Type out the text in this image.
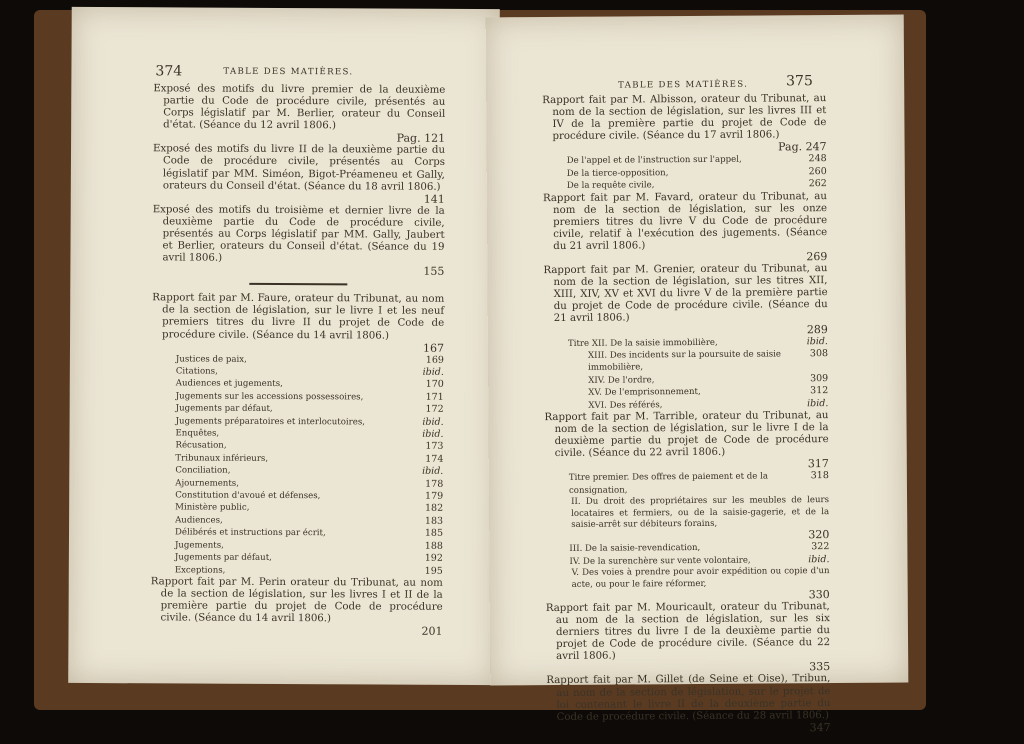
374	TABLE DES MATIÈRES.

Exposé des motifs du livre premier de la deuxième partie du Code de procédure civile, présentés au Corps législatif par M. Berlier, orateur du Conseil d'état. (Séance du 12 avril 1806.)
Pag. 121

Exposé des motifs du livre II de la deuxième partie du Code de procédure civile, présentés au Corps législatif par MM. Siméon, Bigot-Préameneu et Gally, orateurs du Conseil d'état. (Séance du 18 avril 1806.)
141

Exposé des motifs du troisième et dernier livre de la deuxième partie du Code de procédure civile, présentés au Corps législatif par MM. Gally, Jaubert et Berlier, orateurs du Conseil d'état. (Séance du 19 avril 1806.)
155

Rapport fait par M. Faure, orateur du Tribunat, au nom de la section de législation, sur le livre I et les neuf premiers titres du livre II du projet de Code de procédure civile. (Séance du 14 avril 1806.)
167

Justices de paix,	169
Citations,	ibid.
Audiences et jugements,	170
Jugements sur les accessions possessoires,	171
Jugements par défaut,	172
Jugements préparatoires et interlocutoires,	ibid.
Enquêtes,	ibid.
Récusation,	173
Tribunaux inférieurs,	174
Conciliation,	ibid.
Ajournements,	178
Constitution d'avoué et défenses,	179
Ministère public,	182
Audiences,	183
Délibérés et instructions par écrit,	185
Jugements,	188
Jugements par défaut,	192
Exceptions,	195

Rapport fait par M. Perin orateur du Tribunat, au nom de la section de législation, sur les livres I et II de la première partie du projet de Code de procédure civile. (Séance du 14 avril 1806.)
201

TABLE DES MATIÈRES.	375

Rapport fait par M. Albisson, orateur du Tribunat, au nom de la section de législation, sur les livres III et IV de la première partie du projet de Code de procédure civile. (Séance du 17 avril 1806.)
Pag. 247

De l'appel et de l'instruction sur l'appel,	248
De la tierce-opposition,	260
De la requête civile,	262

Rapport fait par M. Favard, orateur du Tribunat, au nom de la section de législation, sur les onze premiers titres du livre V du Code de procédure civile, relatif à l'exécution des jugements. (Séance du 21 avril 1806.)
269

Rapport fait par M. Grenier, orateur du Tribunat, au nom de la section de législation, sur les titres XII, XIII, XIV, XV et XVI du livre V de la première partie du projet de Code de procédure civile. (Séance du 21 avril 1806.)
289

Titre XII. De la saisie immobilière,	ibid.
XIII. Des incidents sur la poursuite de saisie immobilière,
308
XIV. De l'ordre,	309
XV. De l'emprisonnement,	312
XVI. Des référés,	ibid.

Rapport fait par M. Tarrible, orateur du Tribunat, au nom de la section de législation, sur le livre I de la deuxième partie du projet de Code de procédure civile. (Séance du 22 avril 1806.)
317

Titre premier. Des offres de paiement et de la consignation,
318
II. Du droit des propriétaires sur les meubles de leurs locataires et fermiers, ou de la saisie-gagerie, et de la saisie-arrêt sur débiteurs forains,
320
III. De la saisie-revendication,	322
IV. De la surenchère sur vente volontaire,	ibid.
V. Des voies à prendre pour avoir expédition ou copie d'un acte, ou pour le faire réformer,
330

Rapport fait par M. Mouricault, orateur du Tribunat, au nom de la section de législation, sur les six derniers titres du livre I de la deuxième partie du projet de Code de procédure civile. (Séance du 22 avril 1806.)
335

Rapport fait par M. Gillet (de Seine et Oise), Tribun, au nom de la section de législation, sur le projet de loi contenant le livre II de la deuxième partie du Code de procédure civile. (Séance du 28 avril 1806.)
347
